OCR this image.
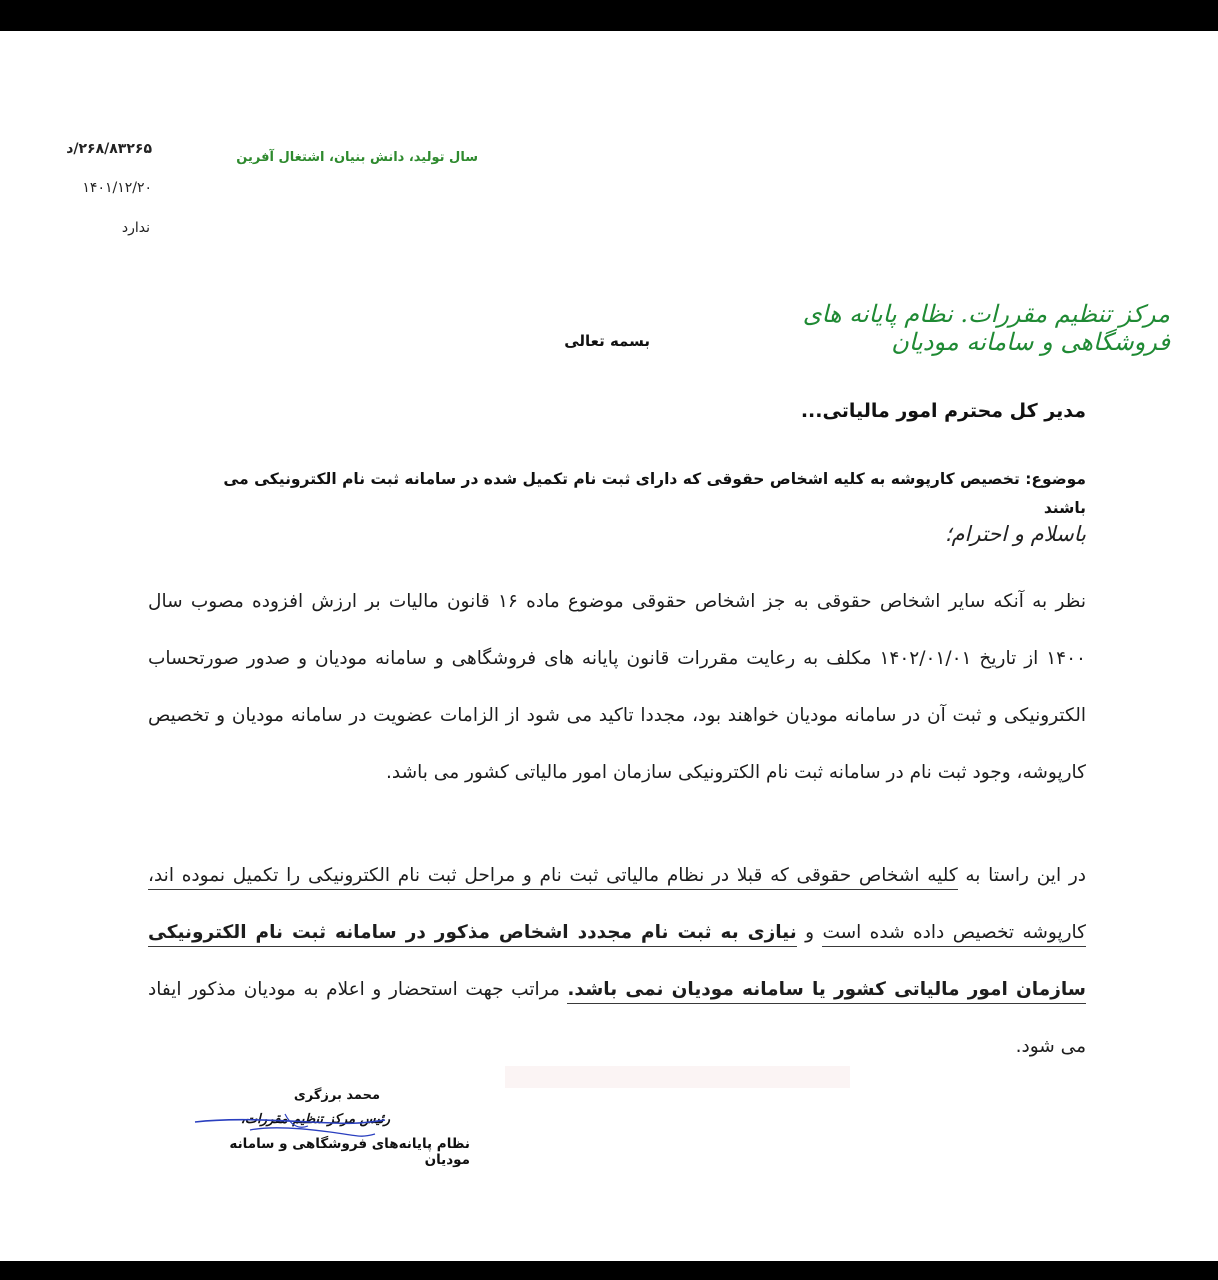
۲۶۸/۸۳۲۶۵/د
۱۴۰۱/۱۲/۲۰
ندارد
سال تولید، دانش بنیان، اشتغال آفرین
مرکز تنظیم مقررات. نظام پایانه های فروشگاهی و سامانه مودیان
بسمه تعالی
مدیر کل محترم امور مالیاتی...
موضوع: تخصیص کارپوشه به کلیه اشخاص حقوقی که دارای ثبت نام تکمیل شده در سامانه ثبت نام الکترونیکی می باشند
باسلام و احترام؛
نظر به آنکه سایر اشخاص حقوقی به جز اشخاص حقوقی موضوع ماده ۱۶ قانون مالیات بر ارزش افزوده مصوب سال ۱۴۰۰ از تاریخ ۱۴۰۲/۰۱/۰۱ مکلف به رعایت مقررات قانون پایانه های فروشگاهی و سامانه مودیان و صدور صورتحساب الکترونیکی و ثبت آن در سامانه مودیان خواهند بود، مجددا تاکید می شود از الزامات عضویت در سامانه مودیان و تخصیص کارپوشه، وجود ثبت نام در سامانه ثبت نام الکترونیکی سازمان امور مالیاتی کشور می باشد.
در این راستا به کلیه اشخاص حقوقی که قبلا در نظام مالیاتی ثبت نام و مراحل ثبت نام الکترونیکی را تکمیل نموده اند، کارپوشه تخصیص داده شده است و نیازی به ثبت نام مجددد اشخاص مذکور در سامانه ثبت نام الکترونیکی سازمان امور مالیاتی کشور یا سامانه مودیان نمی باشد. مراتب جهت استحضار و اعلام به مودیان مذکور ایفاد می شود.
محمد برزگری
رئیس مرکز تنظیم مقررات،
نظام پایانه‌های فروشگاهی و سامانه مودیان
